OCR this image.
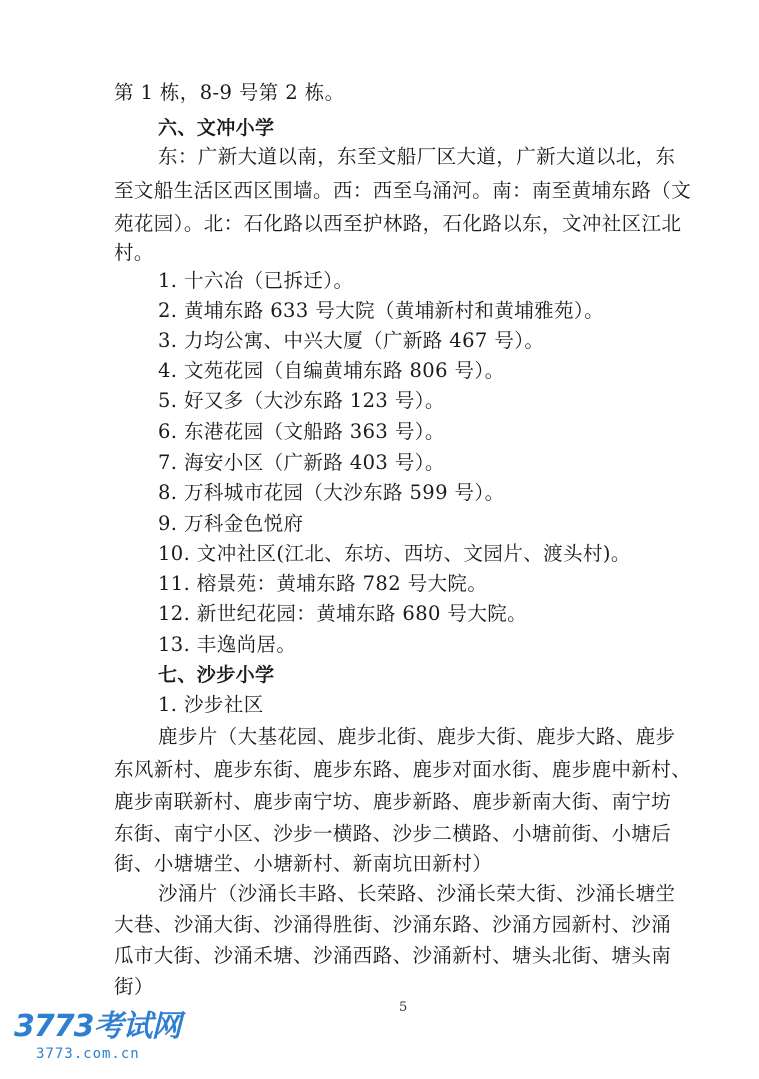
第 1 栋，8-9 号第 2 栋。
六、文冲小学
东：广新大道以南，东至文船厂区大道，广新大道以北，东
至文船生活区西区围墙。西：西至乌涌河。南：南至黄埔东路（文
苑花园）。北：石化路以西至护林路，石化路以东，文冲社区江北
村。
1. 十六冶（已拆迁）。
2. 黄埔东路 633 号大院（黄埔新村和黄埔雅苑）。
3. 力均公寓、中兴大厦（广新路 467 号）。
4. 文苑花园（自编黄埔东路 806 号）。
5. 好又多（大沙东路 123 号）。
6. 东港花园（文船路 363 号）。
7. 海安小区（广新路 403 号）。
8. 万科城市花园（大沙东路 599 号）。
9. 万科金色悦府
10. 文冲社区(江北、东坊、西坊、文园片、渡头村)。
11. 榕景苑：黄埔东路 782 号大院。
12. 新世纪花园：黄埔东路 680 号大院。
13. 丰逸尚居。
七、沙步小学
1. 沙步社区
鹿步片（大基花园、鹿步北街、鹿步大街、鹿步大路、鹿步
东风新村、鹿步东街、鹿步东路、鹿步对面水街、鹿步鹿中新村、
鹿步南联新村、鹿步南宁坊、鹿步新路、鹿步新南大街、南宁坊
东街、南宁小区、沙步一横路、沙步二横路、小塘前街、小塘后
街、小塘塘坣、小塘新村、新南坑田新村）
沙涌片（沙涌长丰路、长荣路、沙涌长荣大街、沙涌长塘坣
大巷、沙涌大街、沙涌得胜街、沙涌东路、沙涌方园新村、沙涌
瓜市大街、沙涌禾塘、沙涌西路、沙涌新村、塘头北街、塘头南
街）
5
3773考试网
3773.com.cn
